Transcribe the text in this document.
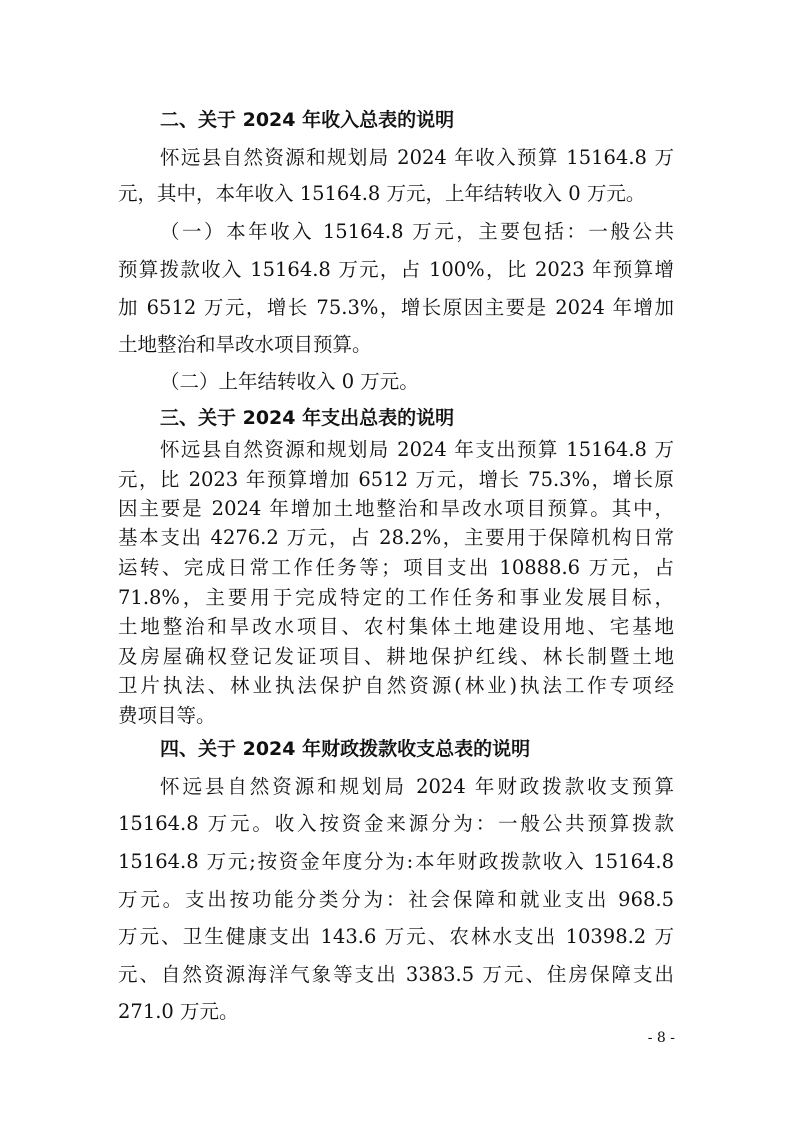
二、关于 2024 年收入总表的说明
怀远县自然资源和规划局 2024 年收入预算 15164.8 万
元，其中，本年收入 15164.8 万元，上年结转收入 0 万元。
（一）本年收入 15164.8 万元，主要包括：一般公共
预算拨款收入 15164.8 万元，占 100%，比 2023 年预算增
加 6512 万元，增长 75.3%，增长原因主要是 2024 年增加
土地整治和旱改水项目预算。
（二）上年结转收入 0 万元。
三、关于 2024 年支出总表的说明
怀远县自然资源和规划局 2024 年支出预算 15164.8 万
元，比 2023 年预算增加 6512 万元，增长 75.3%，增长原
因主要是 2024 年增加土地整治和旱改水项目预算。其中，
基本支出 4276.2 万元，占 28.2%，主要用于保障机构日常
运转、完成日常工作任务等；项目支出 10888.6 万元，占
71.8%，主要用于完成特定的工作任务和事业发展目标，
土地整治和旱改水项目、农村集体土地建设用地、宅基地
及房屋确权登记发证项目、耕地保护红线、林长制暨土地
卫片执法、林业执法保护自然资源(林业)执法工作专项经
费项目等。
四、关于 2024 年财政拨款收支总表的说明
怀远县自然资源和规划局 2024 年财政拨款收支预算
15164.8 万元。收入按资金来源分为：一般公共预算拨款
15164.8 万元;按资金年度分为:本年财政拨款收入 15164.8
万元。支出按功能分类分为：社会保障和就业支出 968.5
万元、卫生健康支出 143.6 万元、农林水支出 10398.2 万
元、自然资源海洋气象等支出 3383.5 万元、住房保障支出
271.0 万元。
- 8 -
